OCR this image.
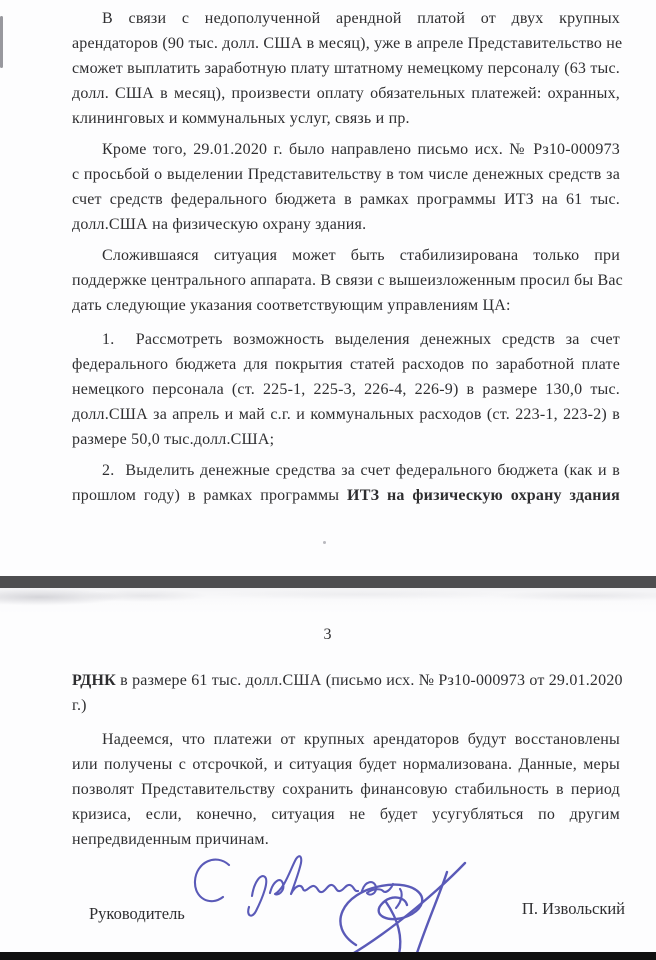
В связи с недополученной арендной платой от двух крупных
арендаторов (90 тыс. долл. США в месяц), уже в апреле Представительство не
сможет выплатить заработную плату штатному немецкому персоналу (63 тыс.
долл. США в месяц), произвести оплату обязательных платежей: охранных,
клининговых и коммунальных услуг, связь и пр.
Кроме того, 29.01.2020 г. было направлено письмо исх. № Рз10-000973
с просьбой о выделении Представительству в том числе денежных средств за
счет средств федерального бюджета в рамках программы ИТЗ на 61 тыс.
долл.США на физическую охрану здания.
Сложившаяся ситуация может быть стабилизирована только при
поддержке центрального аппарата. В связи с вышеизложенным просил бы Вас
дать следующие указания соответствующим управлениям ЦА:
1.  Рассмотреть возможность выделения денежных средств за счет
федерального бюджета для покрытия статей расходов по заработной плате
немецкого персонала (ст. 225-1, 225-3, 226-4, 226-9) в размере 130,0 тыс.
долл.США за апрель и май с.г. и коммунальных расходов (ст. 223-1, 223-2) в
размере 50,0 тыс.долл.США;
2.  Выделить денежные средства за счет федерального бюджета (как и в
прошлом году) в рамках программы ИТЗ на физическую охрану здания
3
РДНК в размере 61 тыс. долл.США (письмо исх. № Рз10-000973 от 29.01.2020
г.)
Надеемся, что платежи от крупных арендаторов будут восстановлены
или получены с отсрочкой, и ситуация будет нормализована. Данные, меры
позволят Представительству сохранить финансовую стабильность в период
кризиса, если, конечно, ситуация не будет усугубляться по другим
непредвиденным причинам.
Руководитель	П. Извольский
